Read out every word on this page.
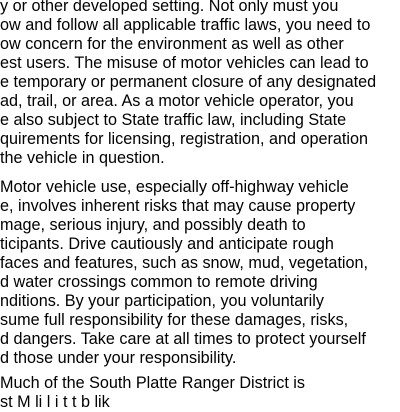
y or other developed setting. Not only must you

ow and follow all applicable traffic laws, you need to

ow concern for the environment as well as other

est users. The misuse of motor vehicles can lead to

e temporary or permanent closure of any designated

ad, trail, or area. As a motor vehicle operator, you

e also subject to State traffic law, including State

quirements for licensing, registration, and operation

the vehicle in question.

Motor vehicle use, especially off-highway vehicle

e, involves inherent risks that may cause property

mage, serious injury, and possibly death to

ticipants. Drive cautiously and anticipate rough

faces and features, such as snow, mud, vegetation,

d water crossings common to remote driving

nditions. By your participation, you voluntarily

sume full responsibility for these damages, risks,

d dangers. Take care at all times to protect yourself

d those under your responsibility.

Much of the South Platte Ranger District is

st M li l i t t b lik
